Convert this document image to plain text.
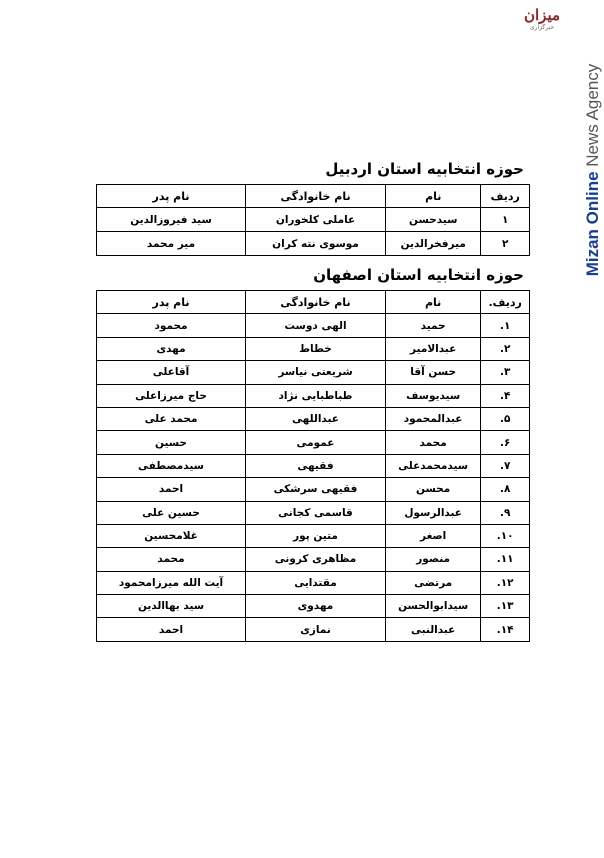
میزان
خبرگزاری
Mizan Online News Agency
حوزه انتخابیه استان اردبیل
ردیف	نام	نام خانوادگی	نام پدر
۱	سیدحسن	عاملی کلخوران	سید فیروزالدین
۲	میرفخرالدین	موسوی نته کران	میر محمد
حوزه انتخابیه استان اصفهان
ردیف.	نام	نام خانوادگی	نام پدر
۱.	حمید	الهی دوست	محمود
۲.	عبدالامیر	خطاط	مهدی
۳.	حسن آقا	شریعتی نیاسر	آقاعلی
۴.	سیدیوسف	طباطبایی نژاد	حاج میرزاعلی
۵.	عبدالمحمود	عبداللهی	محمد علی
۶.	محمد	عمومی	حسین
۷.	سیدمحمدعلی	فقیهی	سیدمصطفی
۸.	محسن	فقیهی سرشکی	احمد
۹.	عبدالرسول	قاسمی کجانی	حسین علی
۱۰.	اصغر	متین پور	غلامحسین
۱۱.	منصور	مظاهری کرونی	محمد
۱۲.	مرتضی	مقتدایی	آیت الله میرزامحمود
۱۳.	سیدابوالحسن	مهدوی	سید بهاالدین
۱۴.	عبدالنبی	نمازی	احمد
